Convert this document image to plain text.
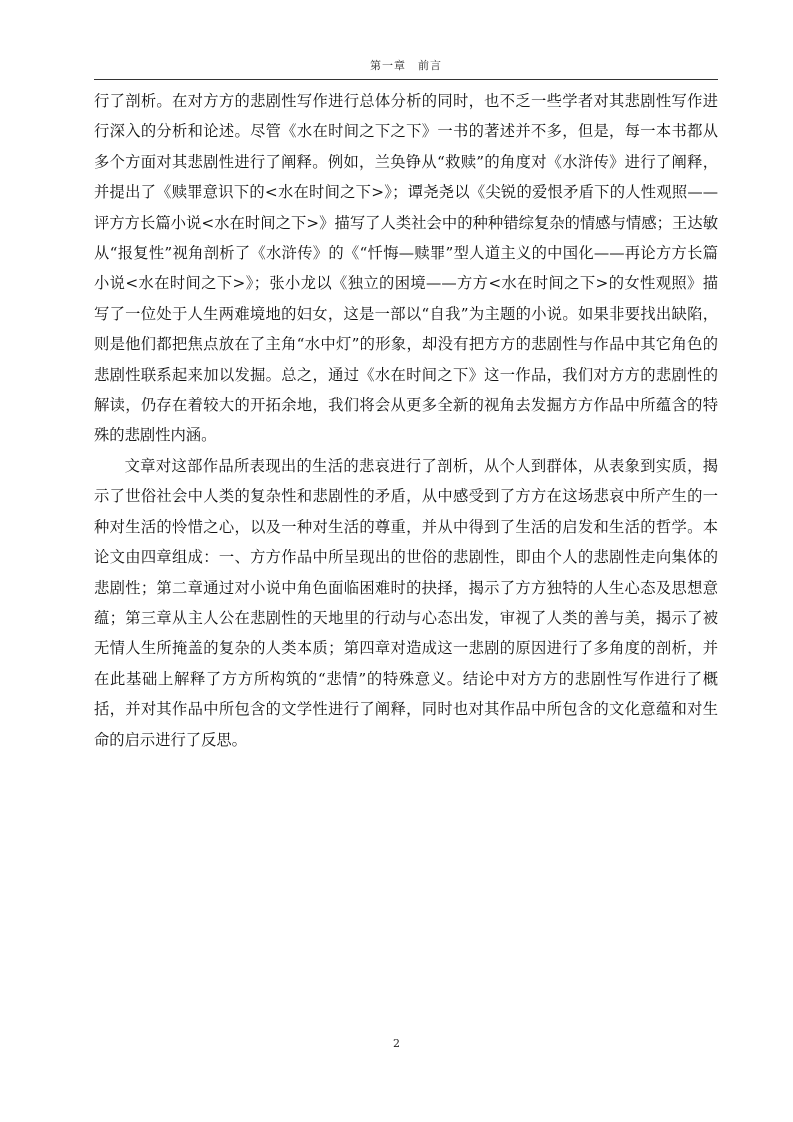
第一章　前言

行了剖析。在对方方的悲剧性写作进行总体分析的同时，也不乏一些学者对其悲剧性写作进行深入的分析和论述。尽管《水在时间之下之下》一书的著述并不多，但是，每一本书都从多个方面对其悲剧性进行了阐释。例如，兰奂铮从“救赎”的角度对《水浒传》进行了阐释，并提出了《赎罪意识下的<水在时间之下>》；谭尧尧以《尖锐的爱恨矛盾下的人性观照——评方方长篇小说<水在时间之下>》描写了人类社会中的种种错综复杂的情感与情感；王达敏从“报复性”视角剖析了《水浒传》的《“忏悔—赎罪”型人道主义的中国化——再论方方长篇小说<水在时间之下>》；张小龙以《独立的困境——方方<水在时间之下>的女性观照》描写了一位处于人生两难境地的妇女，这是一部以“自我”为主题的小说。如果非要找出缺陷，则是他们都把焦点放在了主角“水中灯”的形象，却没有把方方的悲剧性与作品中其它角色的悲剧性联系起来加以发掘。总之，通过《水在时间之下》这一作品，我们对方方的悲剧性的解读，仍存在着较大的开拓余地，我们将会从更多全新的视角去发掘方方作品中所蕴含的特殊的悲剧性内涵。

文章对这部作品所表现出的生活的悲哀进行了剖析，从个人到群体，从表象到实质，揭示了世俗社会中人类的复杂性和悲剧性的矛盾，从中感受到了方方在这场悲哀中所产生的一种对生活的怜惜之心，以及一种对生活的尊重，并从中得到了生活的启发和生活的哲学。本论文由四章组成：一、方方作品中所呈现出的世俗的悲剧性，即由个人的悲剧性走向集体的悲剧性；第二章通过对小说中角色面临困难时的抉择，揭示了方方独特的人生心态及思想意蕴；第三章从主人公在悲剧性的天地里的行动与心态出发，审视了人类的善与美，揭示了被无情人生所掩盖的复杂的人类本质；第四章对造成这一悲剧的原因进行了多角度的剖析，并在此基础上解释了方方所构筑的“悲情”的特殊意义。结论中对方方的悲剧性写作进行了概括，并对其作品中所包含的文学性进行了阐释，同时也对其作品中所包含的文化意蕴和对生命的启示进行了反思。

2
